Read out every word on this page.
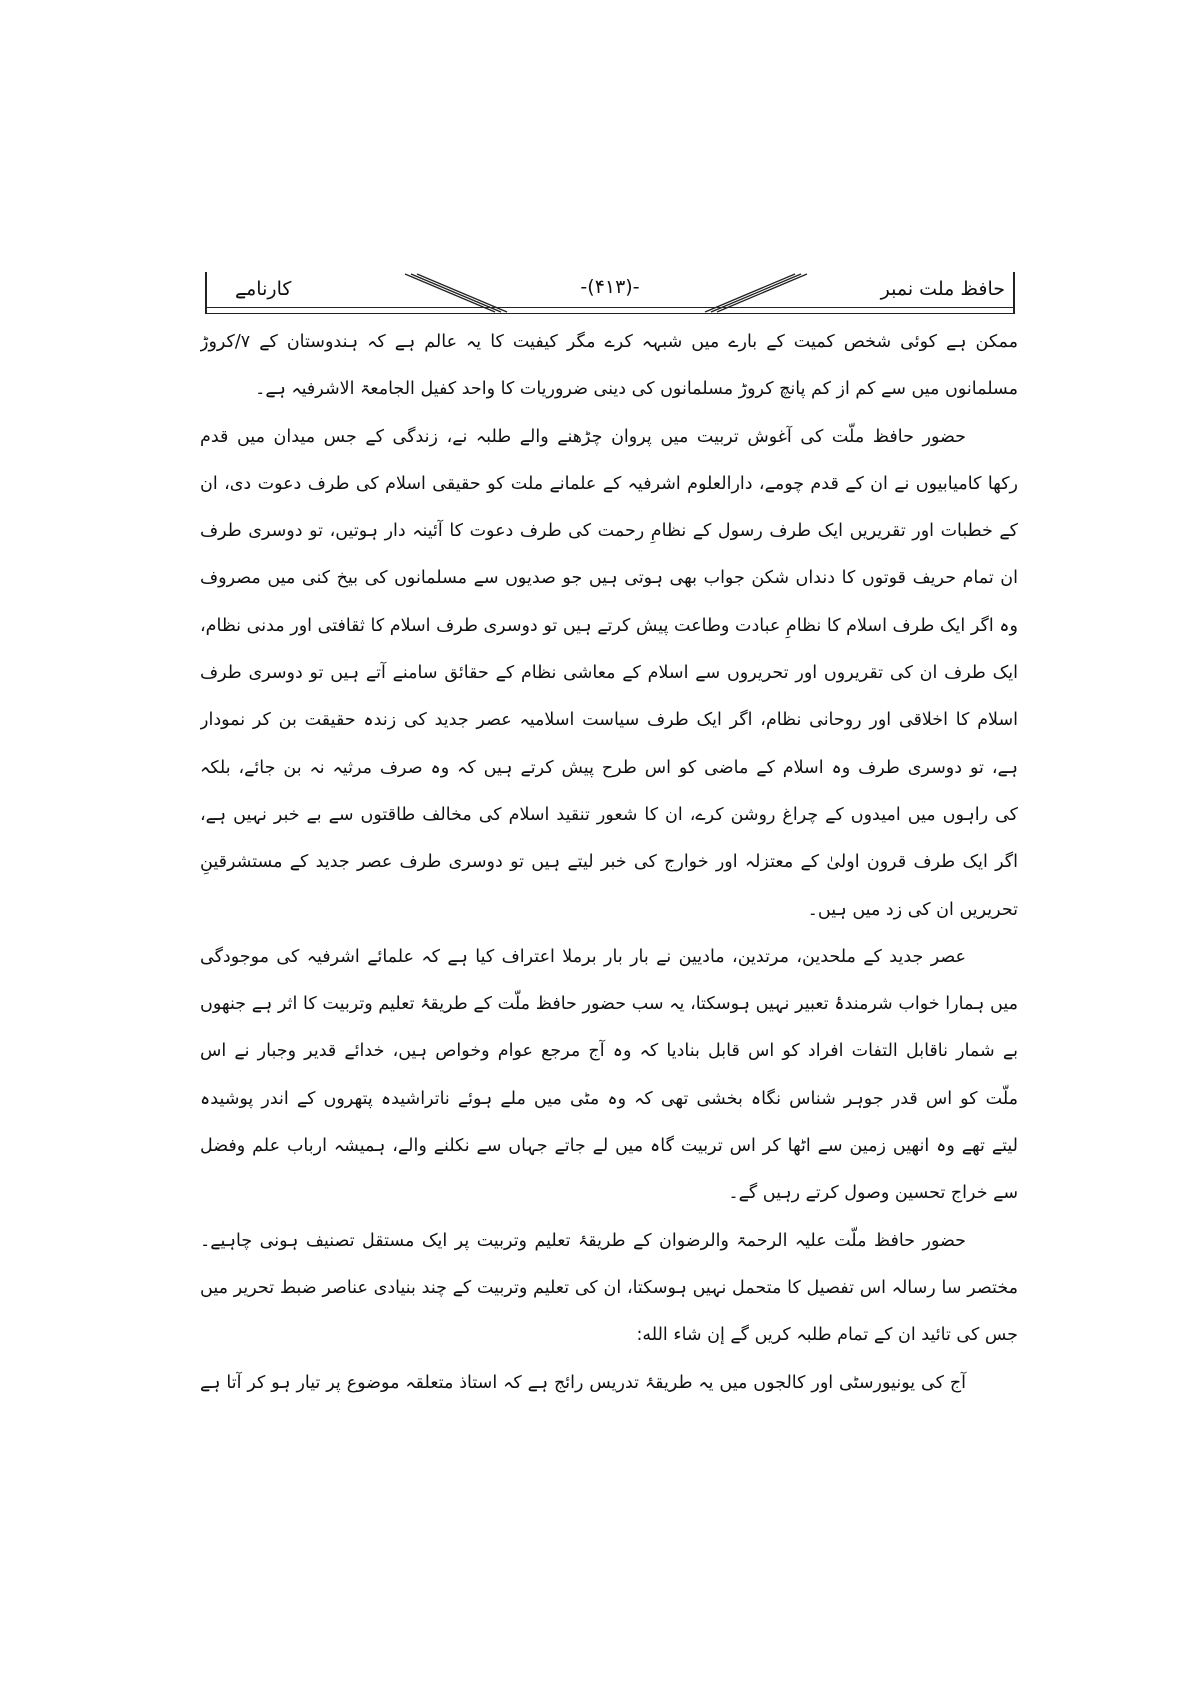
حافظ ملت نمبر
-(۴۱۳)-
کارنامے
ممکن ہے کوئی شخص کمیت کے بارے میں شبہہ کرے مگر کیفیت کا یہ عالم ہے کہ ہندوستان کے ۷/کروڑ
مسلمانوں میں سے کم از کم پانچ کروڑ مسلمانوں کی دینی ضروریات کا واحد کفیل الجامعۃ الاشرفیہ ہے۔
حضور حافظ ملّت کی آغوش تربیت میں پروان چڑھنے والے طلبہ نے، زندگی کے جس میدان میں قدم
رکھا کامیابیوں نے ان کے قدم چومے، دارالعلوم اشرفیہ کے علمانے ملت کو حقیقی اسلام کی طرف دعوت دی، ان
کے خطبات اور تقریریں ایک طرف رسول کے نظامِ رحمت کی طرف دعوت کا آئینہ دار ہوتیں، تو دوسری طرف
ان تمام حریف قوتوں کا دنداں شکن جواب بھی ہوتی ہیں جو صدیوں سے مسلمانوں کی بیخ کنی میں مصروف
وہ اگر ایک طرف اسلام کا نظامِ عبادت وطاعت پیش کرتے ہیں تو دوسری طرف اسلام کا ثقافتی اور مدنی نظام،
ایک طرف ان کی تقریروں اور تحریروں سے اسلام کے معاشی نظام کے حقائق سامنے آتے ہیں تو دوسری طرف
اسلام کا اخلاقی اور روحانی نظام، اگر ایک طرف سیاست اسلامیہ عصر جدید کی زندہ حقیقت بن کر نمودار
ہے، تو دوسری طرف وہ اسلام کے ماضی کو اس طرح پیش کرتے ہیں کہ وہ صرف مرثیہ نہ بن جائے، بلکہ
کی راہوں میں امیدوں کے چراغ روشن کرے، ان کا شعور تنقید اسلام کی مخالف طاقتوں سے بے خبر نہیں ہے،
اگر ایک طرف قرون اولیٰ کے معتزلہ اور خوارج کی خبر لیتے ہیں تو دوسری طرف عصر جدید کے مستشرقینِ
تحریریں ان کی زد میں ہیں۔
عصر جدید کے ملحدین، مرتدین، مادیین نے بار بار برملا اعتراف کیا ہے کہ علمائے اشرفیہ کی موجودگی
میں ہمارا خواب شرمندۂ تعبیر نہیں ہوسکتا، یہ سب حضور حافظ ملّت کے طریقۂ تعلیم وتربیت کا اثر ہے جنھوں
بے شمار ناقابل التفات افراد کو اس قابل بنادیا کہ وہ آج مرجع عوام وخواص ہیں، خدائے قدیر وجبار نے اس
ملّت کو اس قدر جوہر شناس نگاہ بخشی تھی کہ وہ مٹی میں ملے ہوئے ناتراشیدہ پتھروں کے اندر پوشیدہ
لیتے تھے وہ انھیں زمین سے اٹھا کر اس تربیت گاہ میں لے جاتے جہاں سے نکلنے والے، ہمیشہ ارباب علم وفضل
سے خراج تحسین وصول کرتے رہیں گے۔
حضور حافظ ملّت علیہ الرحمۃ والرضوان کے طریقۂ تعلیم وتربیت پر ایک مستقل تصنیف ہونی چاہیے۔
مختصر سا رسالہ اس تفصیل کا متحمل نہیں ہوسکتا، ان کی تعلیم وتربیت کے چند بنیادی عناصر ضبط تحریر میں
جس کی تائید ان کے تمام طلبہ کریں گے إن شاء الله:
آج کی یونیورسٹی اور کالجوں میں یہ طریقۂ تدریس رائج ہے کہ استاذ متعلقہ موضوع پر تیار ہو کر آتا ہے
